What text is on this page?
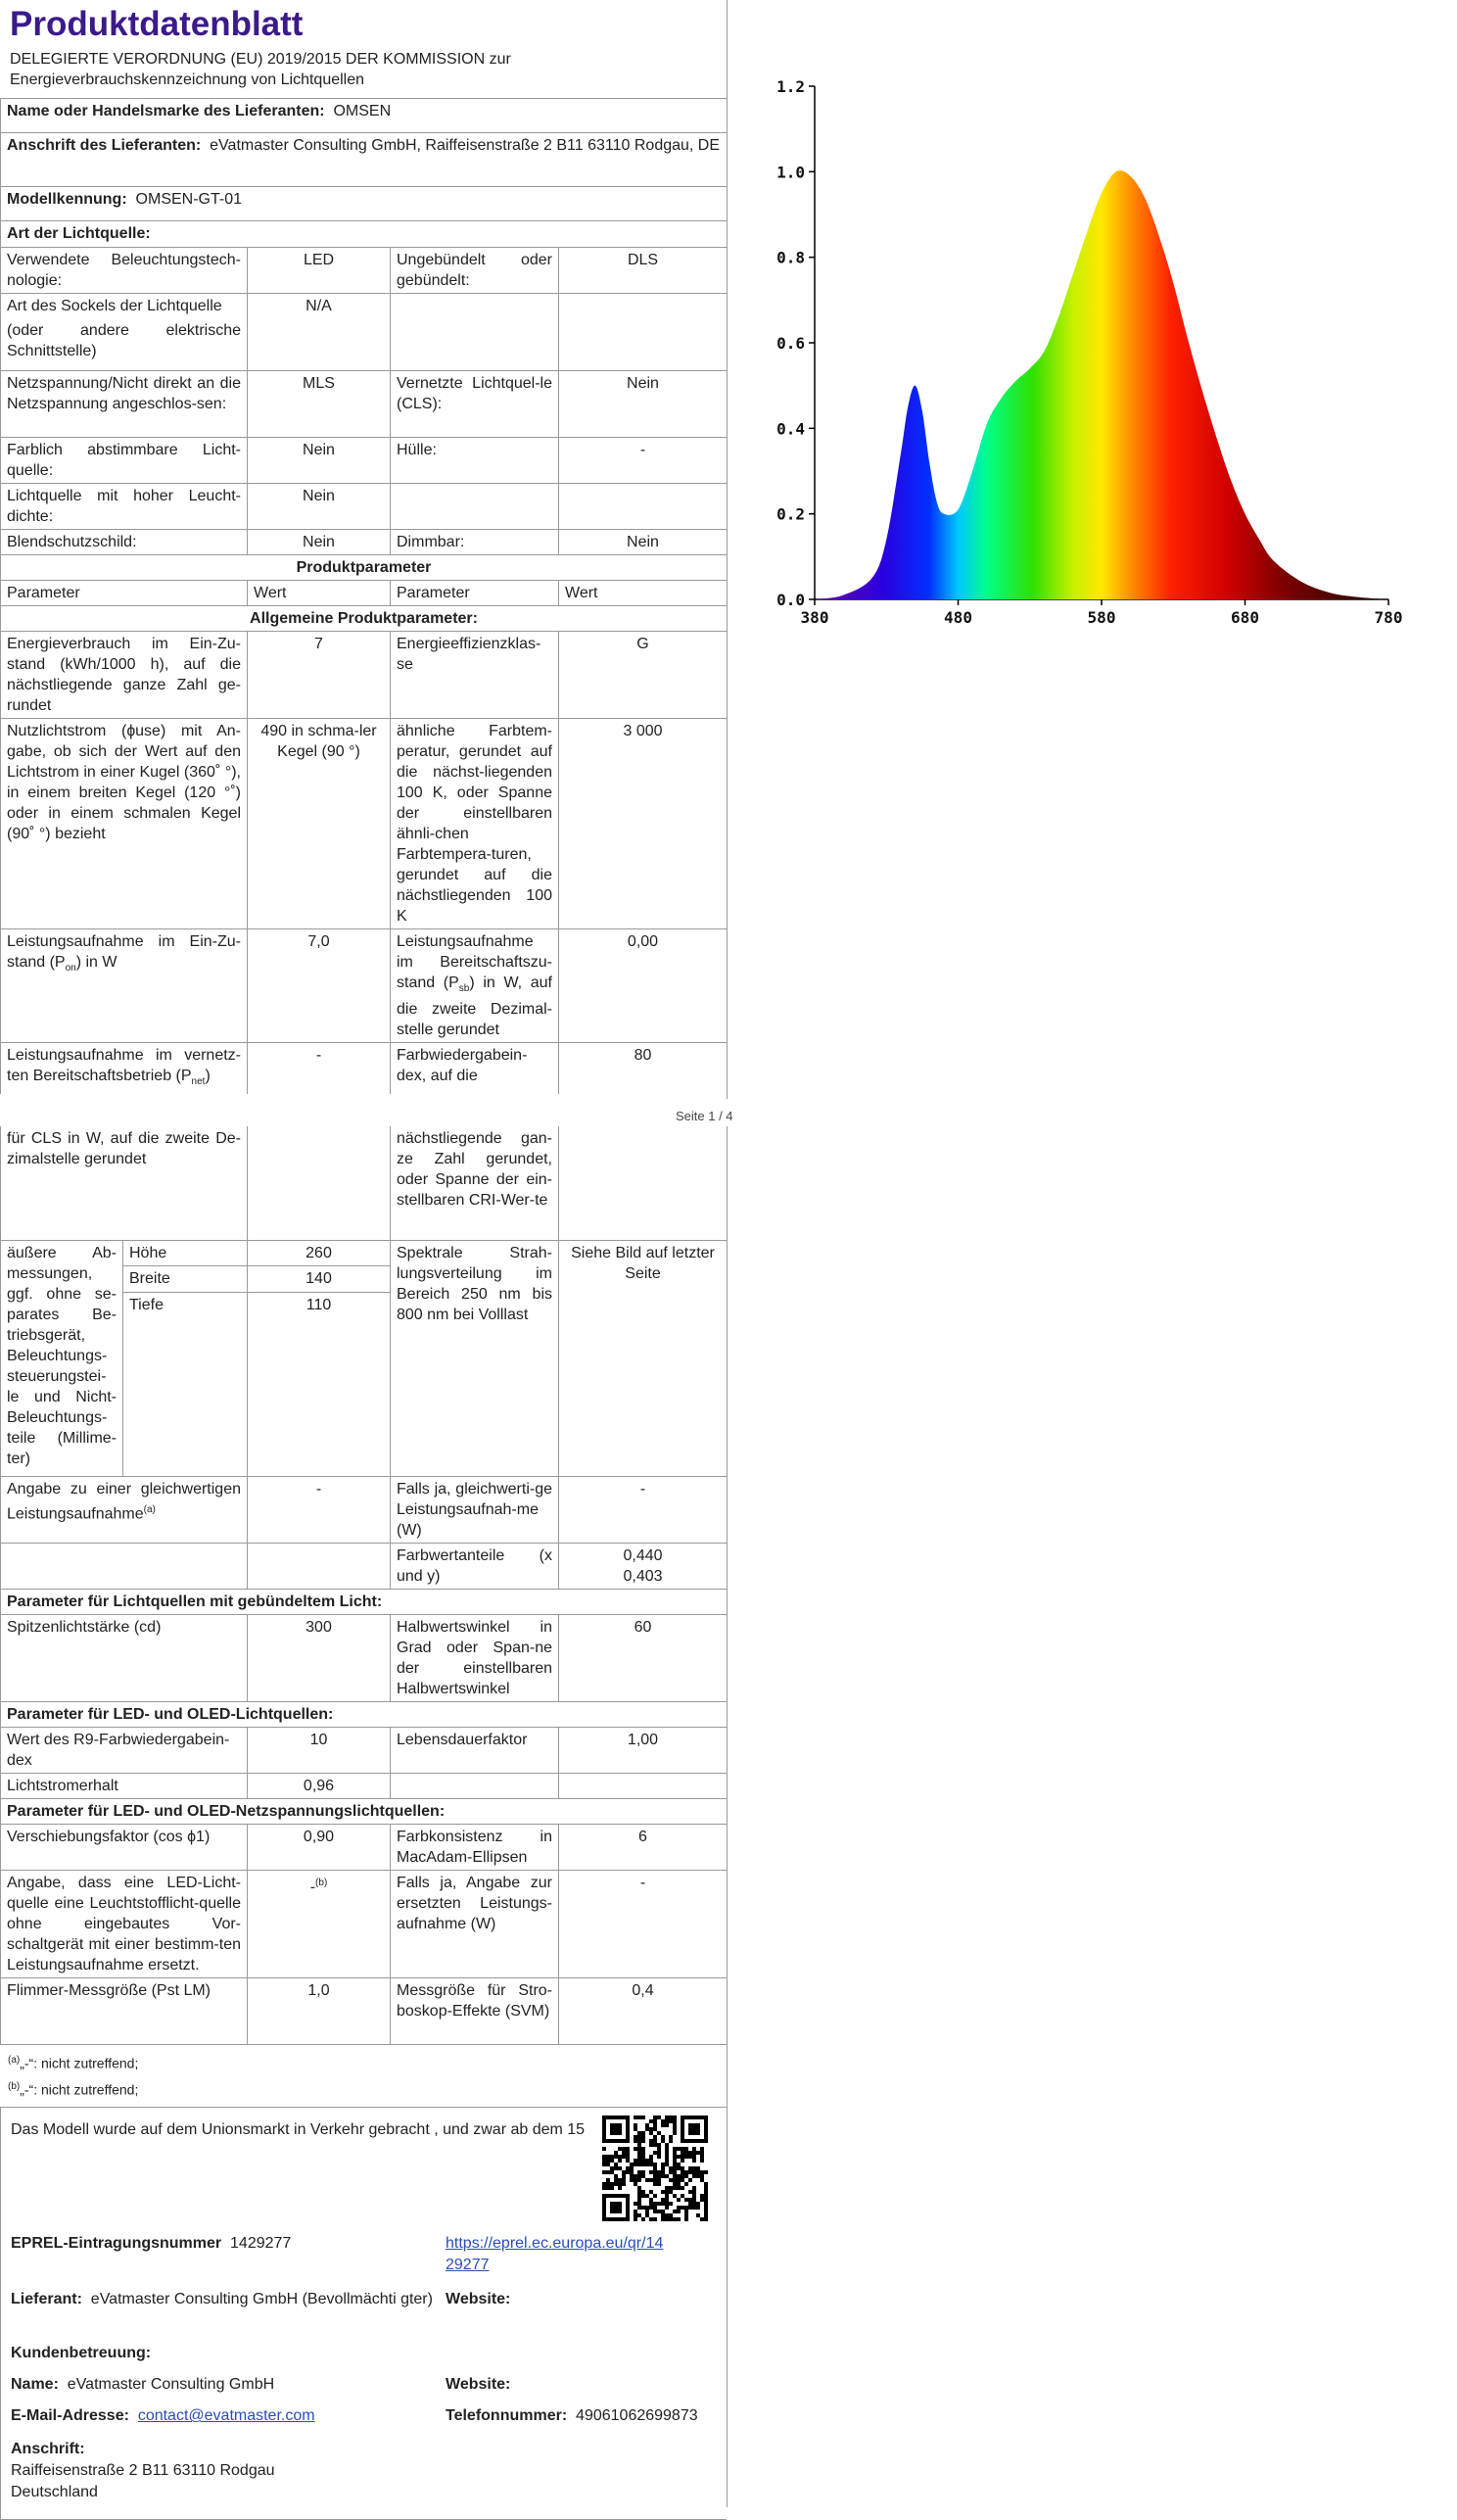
Produktdatenblatt
DELEGIERTE VERORDNUNG (EU) 2019/2015 DER KOMMISSION zur Energieverbrauchskennzeichnung von Lichtquellen
Name oder Handelsmarke des Lieferanten: OMSEN			
Anschrift des Lieferanten: eVatmaster Consulting GmbH, Raiffeisenstraße 2 B11 63110 Rodgau, DE			
Modellkennung: OMSEN-GT-01			
Art der Lichtquelle:			
Verwendete Beleuchtungstech-nologie:	LED	Ungebündelt oder gebündelt:	DLS

Art des Sockels der Lichtquelle
(oder andere elektrische Schnittstelle)	N/A		
Netzspannung/Nicht direkt an die Netzspannung angeschlos-sen:	MLS	Vernetzte Lichtquel-le (CLS):	Nein
Farblich abstimmbare Licht-quelle:	Nein	Hülle:	-
Lichtquelle mit hoher Leucht-dichte:	Nein		
Blendschutzschild:	Nein	Dimmbar:	Nein
Produktparameter			
Parameter	Wert	Parameter	Wert
Allgemeine Produktparameter:			
Energieverbrauch im Ein-Zu-stand (kWh/1000 h), auf die nächstliegende ganze Zahl ge-rundet	7	Energieeffizienzklas-se	G
Nutzlichtstrom (ɸuse) mit An-gabe, ob sich der Wert auf den Lichtstrom in einer Kugel (360˚ °), in einem breiten Kegel (120 °˚) oder in einem schmalen Kegel (90˚ °) bezieht	490 in schma-ler Kegel (90 °)	ähnliche Farbtem-peratur, gerundet auf die nächst-liegenden 100 K, oder Spanne der einstellbaren ähnli-chen Farbtempera-turen, gerundet auf die nächstliegenden 100 K	3 000
Leistungsaufnahme im Ein-Zu-stand $(P_{on})$ in W	7,0	Leistungsaufnahme im Bereitschaftszu-stand $(P_{sb})$ in W, auf die zweite Dezimal-stelle gerundet	0,00
Leistungsaufnahme im vernetz-ten Bereitschaftsbetrieb $(P_{net})$	-	Farbwiedergabein-dex, auf die	80
Seite 1 / 4
0.0
0.2
0.4
0.6
0.8
1.0
1.2
380	480	580	680	780
für CLS in W, auf die zweite De-zimalstelle gerundet			nächstliegende gan-ze Zahl gerundet, oder Spanne der ein-stellbaren CRI-Wer-te	
äußere Ab-messungen, ggf. ohne se-parates Be-triebsgerät, Beleuchtungs-steuerungstei-le und Nicht-Beleuchtungs-teile (Millime-ter)	Höhe	260	Spektrale Strah-lungsverteilung im Bereich 250 nm bis 800 nm bei Volllast	Siehe Bild auf letzter Seite
	Breite	140		
	Tiefe	110		
Angabe zu einer gleichwertigen Leistungsaufnahme$^{(a)}$		-	Falls ja, gleichwerti-ge Leistungsaufnah-me (W)	-
			Farbwertanteile (x und y)	0,440
0,403

Parameter für Lichtquellen mit gebündeltem Licht:				
Spitzenlichtstärke (cd)		300	Halbwertswinkel in Grad oder Span-ne der einstellbaren Halbwertswinkel	60
Parameter für LED- und OLED-Lichtquellen:				
Wert des R9-Farbwiedergabein-dex		10	Lebensdauerfaktor	1,00
Lichtstromerhalt		0,96		
Parameter für LED- und OLED-Netzspannungslichtquellen:				
Verschiebungsfaktor (cos ϕ1)		0,90	Farbkonsistenz in MacAdam-Ellipsen	6
Angabe, dass eine LED-Licht-quelle eine Leuchtstofflicht-quelle ohne eingebautes Vor-schaltgerät mit einer bestimm-ten Leistungsaufnahme ersetzt.		-$^{(b)}$	Falls ja, Angabe zur ersetzten Leistungs-aufnahme (W)	-
Flimmer-Messgröße (Pst LM)		1,0	Messgröße für Stro-boskop-Effekte (SVM)	0,4
$^{(a)}$„-“: nicht zutreffend;
$^{(b)}$„-“: nicht zutreffend;
Das Modell wurde auf dem Unionsmarkt in Verkehr gebracht , und zwar ab dem 15
EPREL-Eintragungsnummer 1429277	https://eprel.ec.europa.eu/qr/14
29277
Lieferant: eVatmaster Consulting GmbH (Bevollmächti gter) Website:
Kundenbetreuung:
Name: eVatmaster Consulting GmbH	Website:
E-Mail-Adresse: contact@evatmaster.com	Telefonnummer: 49061062699873
Anschrift:
Raiffeisenstraße 2 B11 63110 Rodgau
Deutschland
